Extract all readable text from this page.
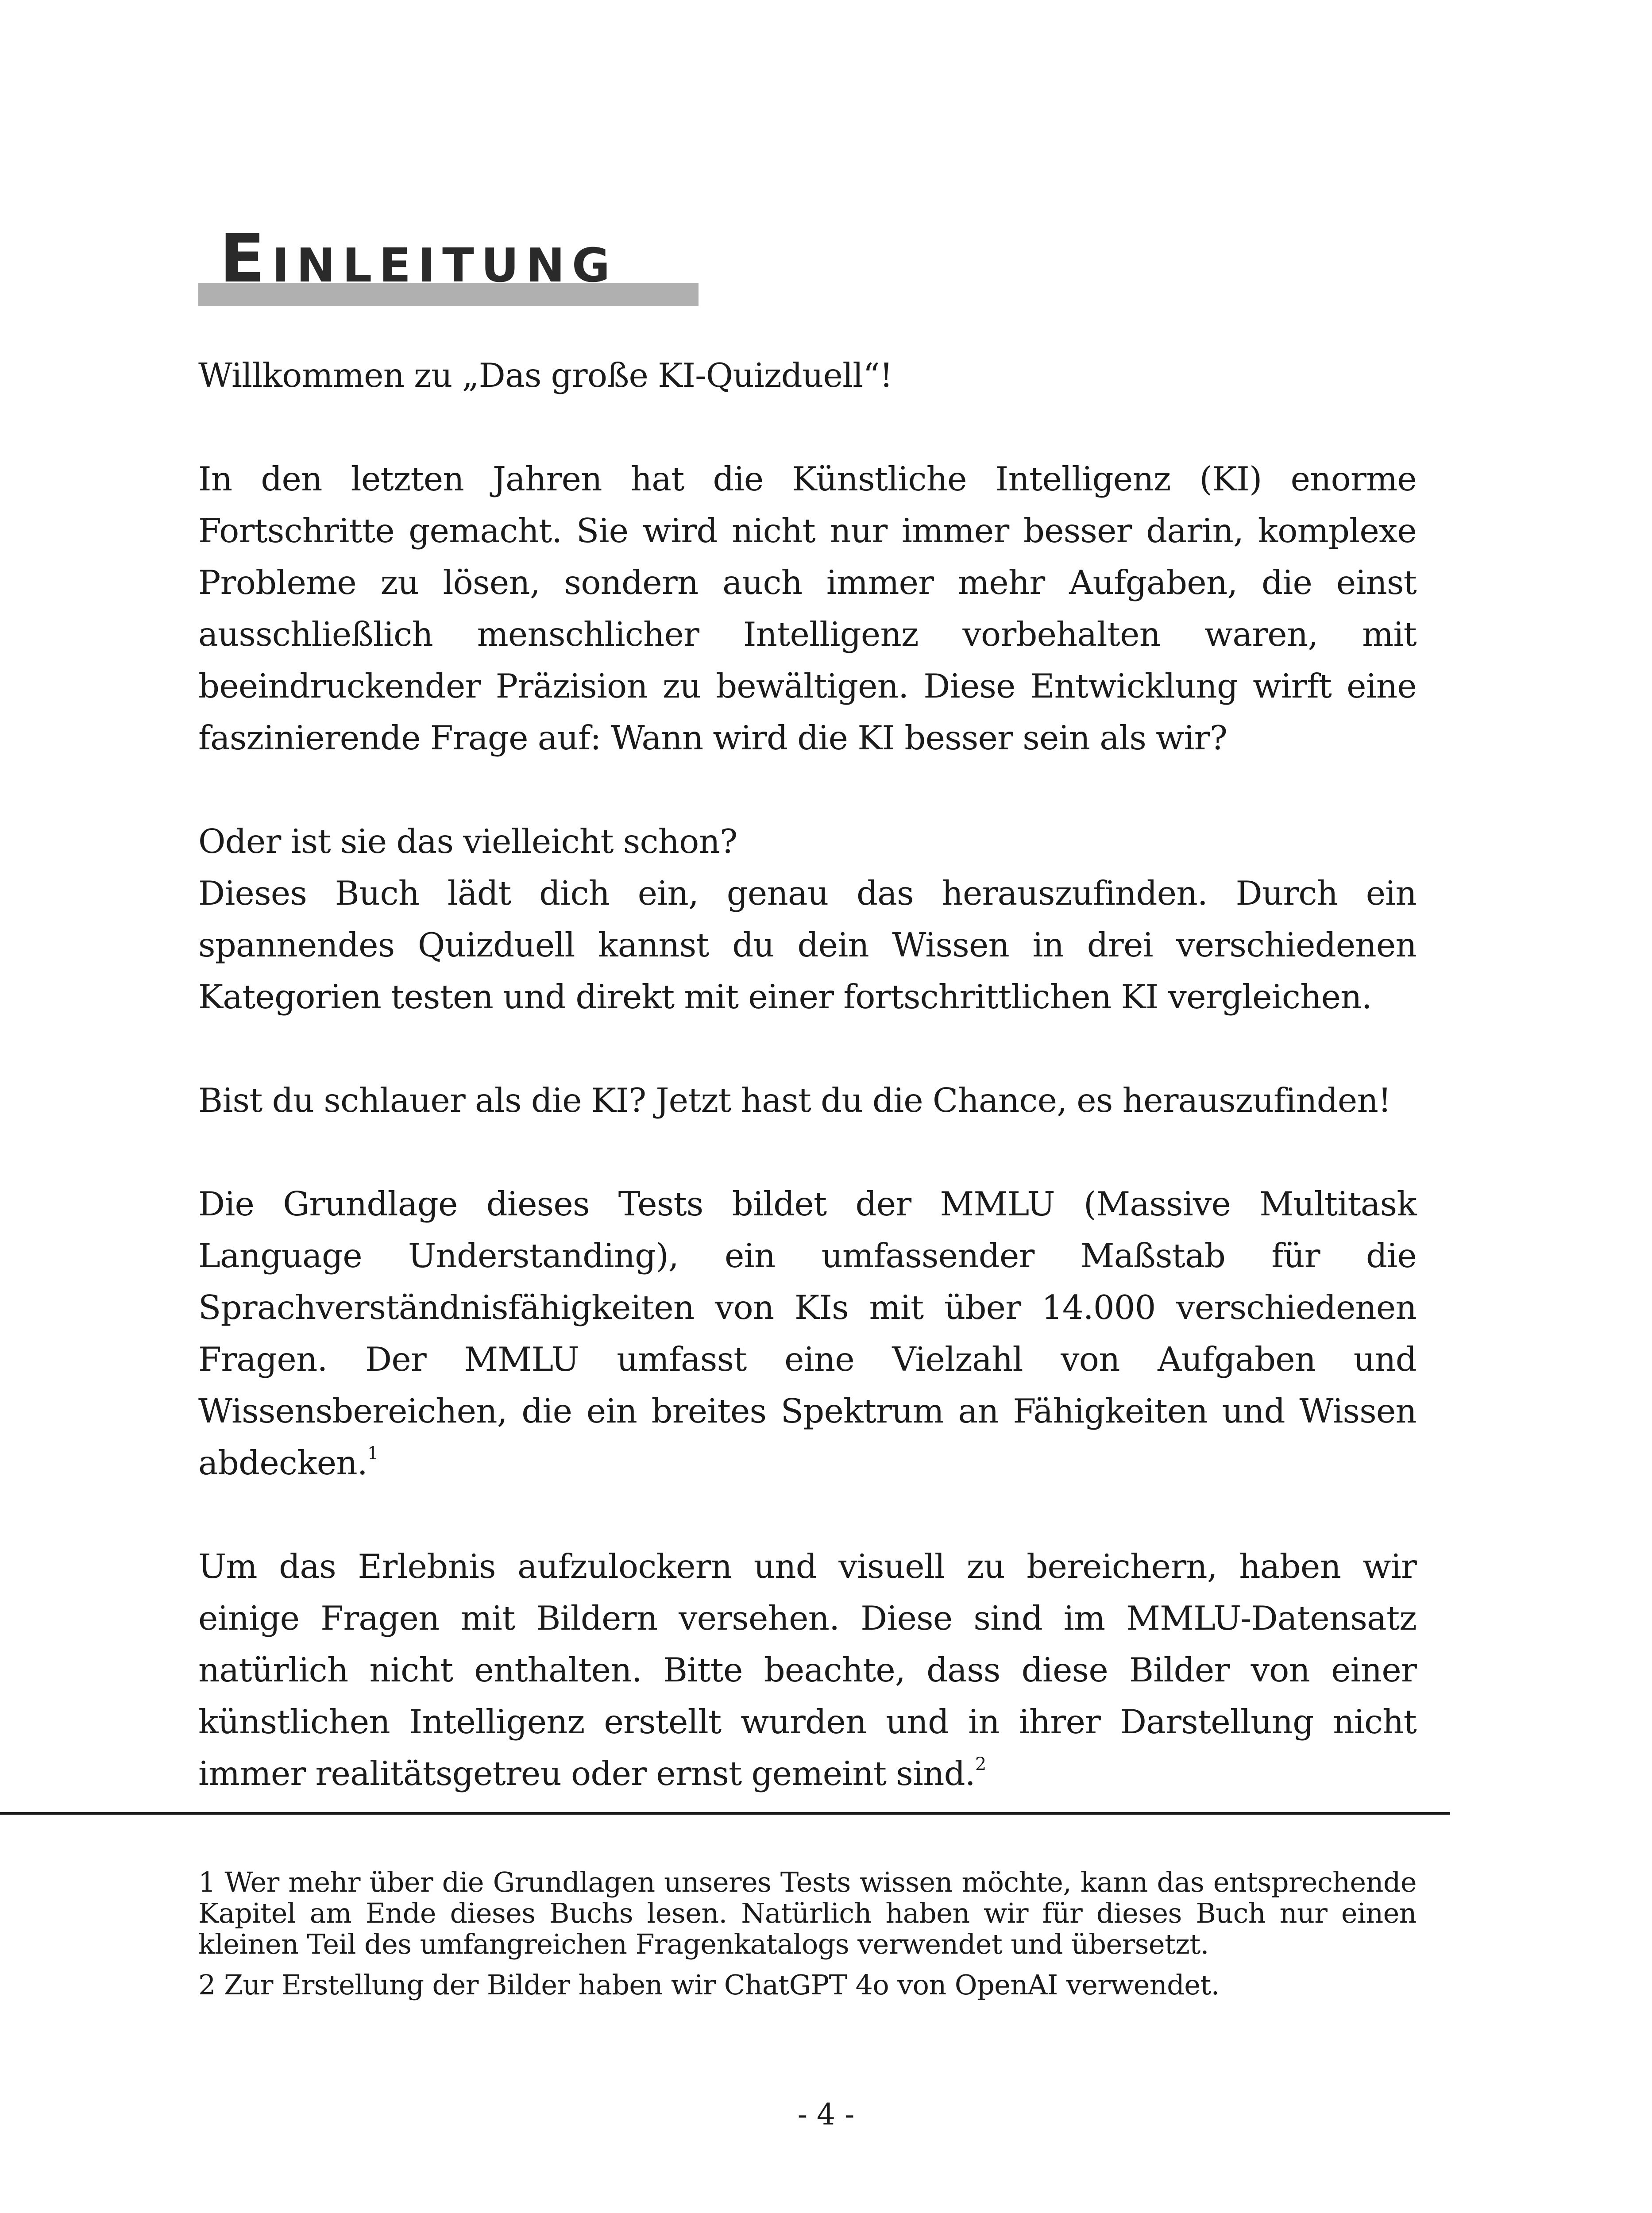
Einleitung

Willkommen zu „Das große KI-Quizduell“!

In den letzten Jahren hat die Künstliche Intelligenz (KI) enorme Fortschritte gemacht. Sie wird nicht nur immer besser darin, komplexe Probleme zu lösen, sondern auch immer mehr Aufgaben, die einst ausschließlich menschlicher Intelligenz vorbehalten waren, mit beeindruckender Präzision zu bewältigen. Diese Entwicklung wirft eine faszinierende Frage auf: Wann wird die KI besser sein als wir?

Oder ist sie das vielleicht schon?

Dieses Buch lädt dich ein, genau das herauszufinden. Durch ein spannendes Quizduell kannst du dein Wissen in drei verschiedenen Kategorien testen und direkt mit einer fortschrittlichen KI vergleichen.

Bist du schlauer als die KI? Jetzt hast du die Chance, es herauszufinden!

Die Grundlage dieses Tests bildet der MMLU (Massive Multitask Language Understanding), ein umfassender Maßstab für die Sprachverständnisfähigkeiten von KIs mit über 14.000 verschiedenen Fragen. Der MMLU umfasst eine Vielzahl von Aufgaben und Wissensbereichen, die ein breites Spektrum an Fähigkeiten und Wissen abdecken.$^1$

Um das Erlebnis aufzulockern und visuell zu bereichern, haben wir einige Fragen mit Bildern versehen. Diese sind im MMLU-Datensatz natürlich nicht enthalten. Bitte beachte, dass diese Bilder von einer künstlichen Intelligenz erstellt wurden und in ihrer Darstellung nicht immer realitätsgetreu oder ernst gemeint sind.$^2$

1 Wer mehr über die Grundlagen unseres Tests wissen möchte, kann das entsprechende Kapitel am Ende dieses Buchs lesen. Natürlich haben wir für dieses Buch nur einen kleinen Teil des umfangreichen Fragenkatalogs verwendet und übersetzt.

2 Zur Erstellung der Bilder haben wir ChatGPT 4o von OpenAI verwendet.

- 4 -
